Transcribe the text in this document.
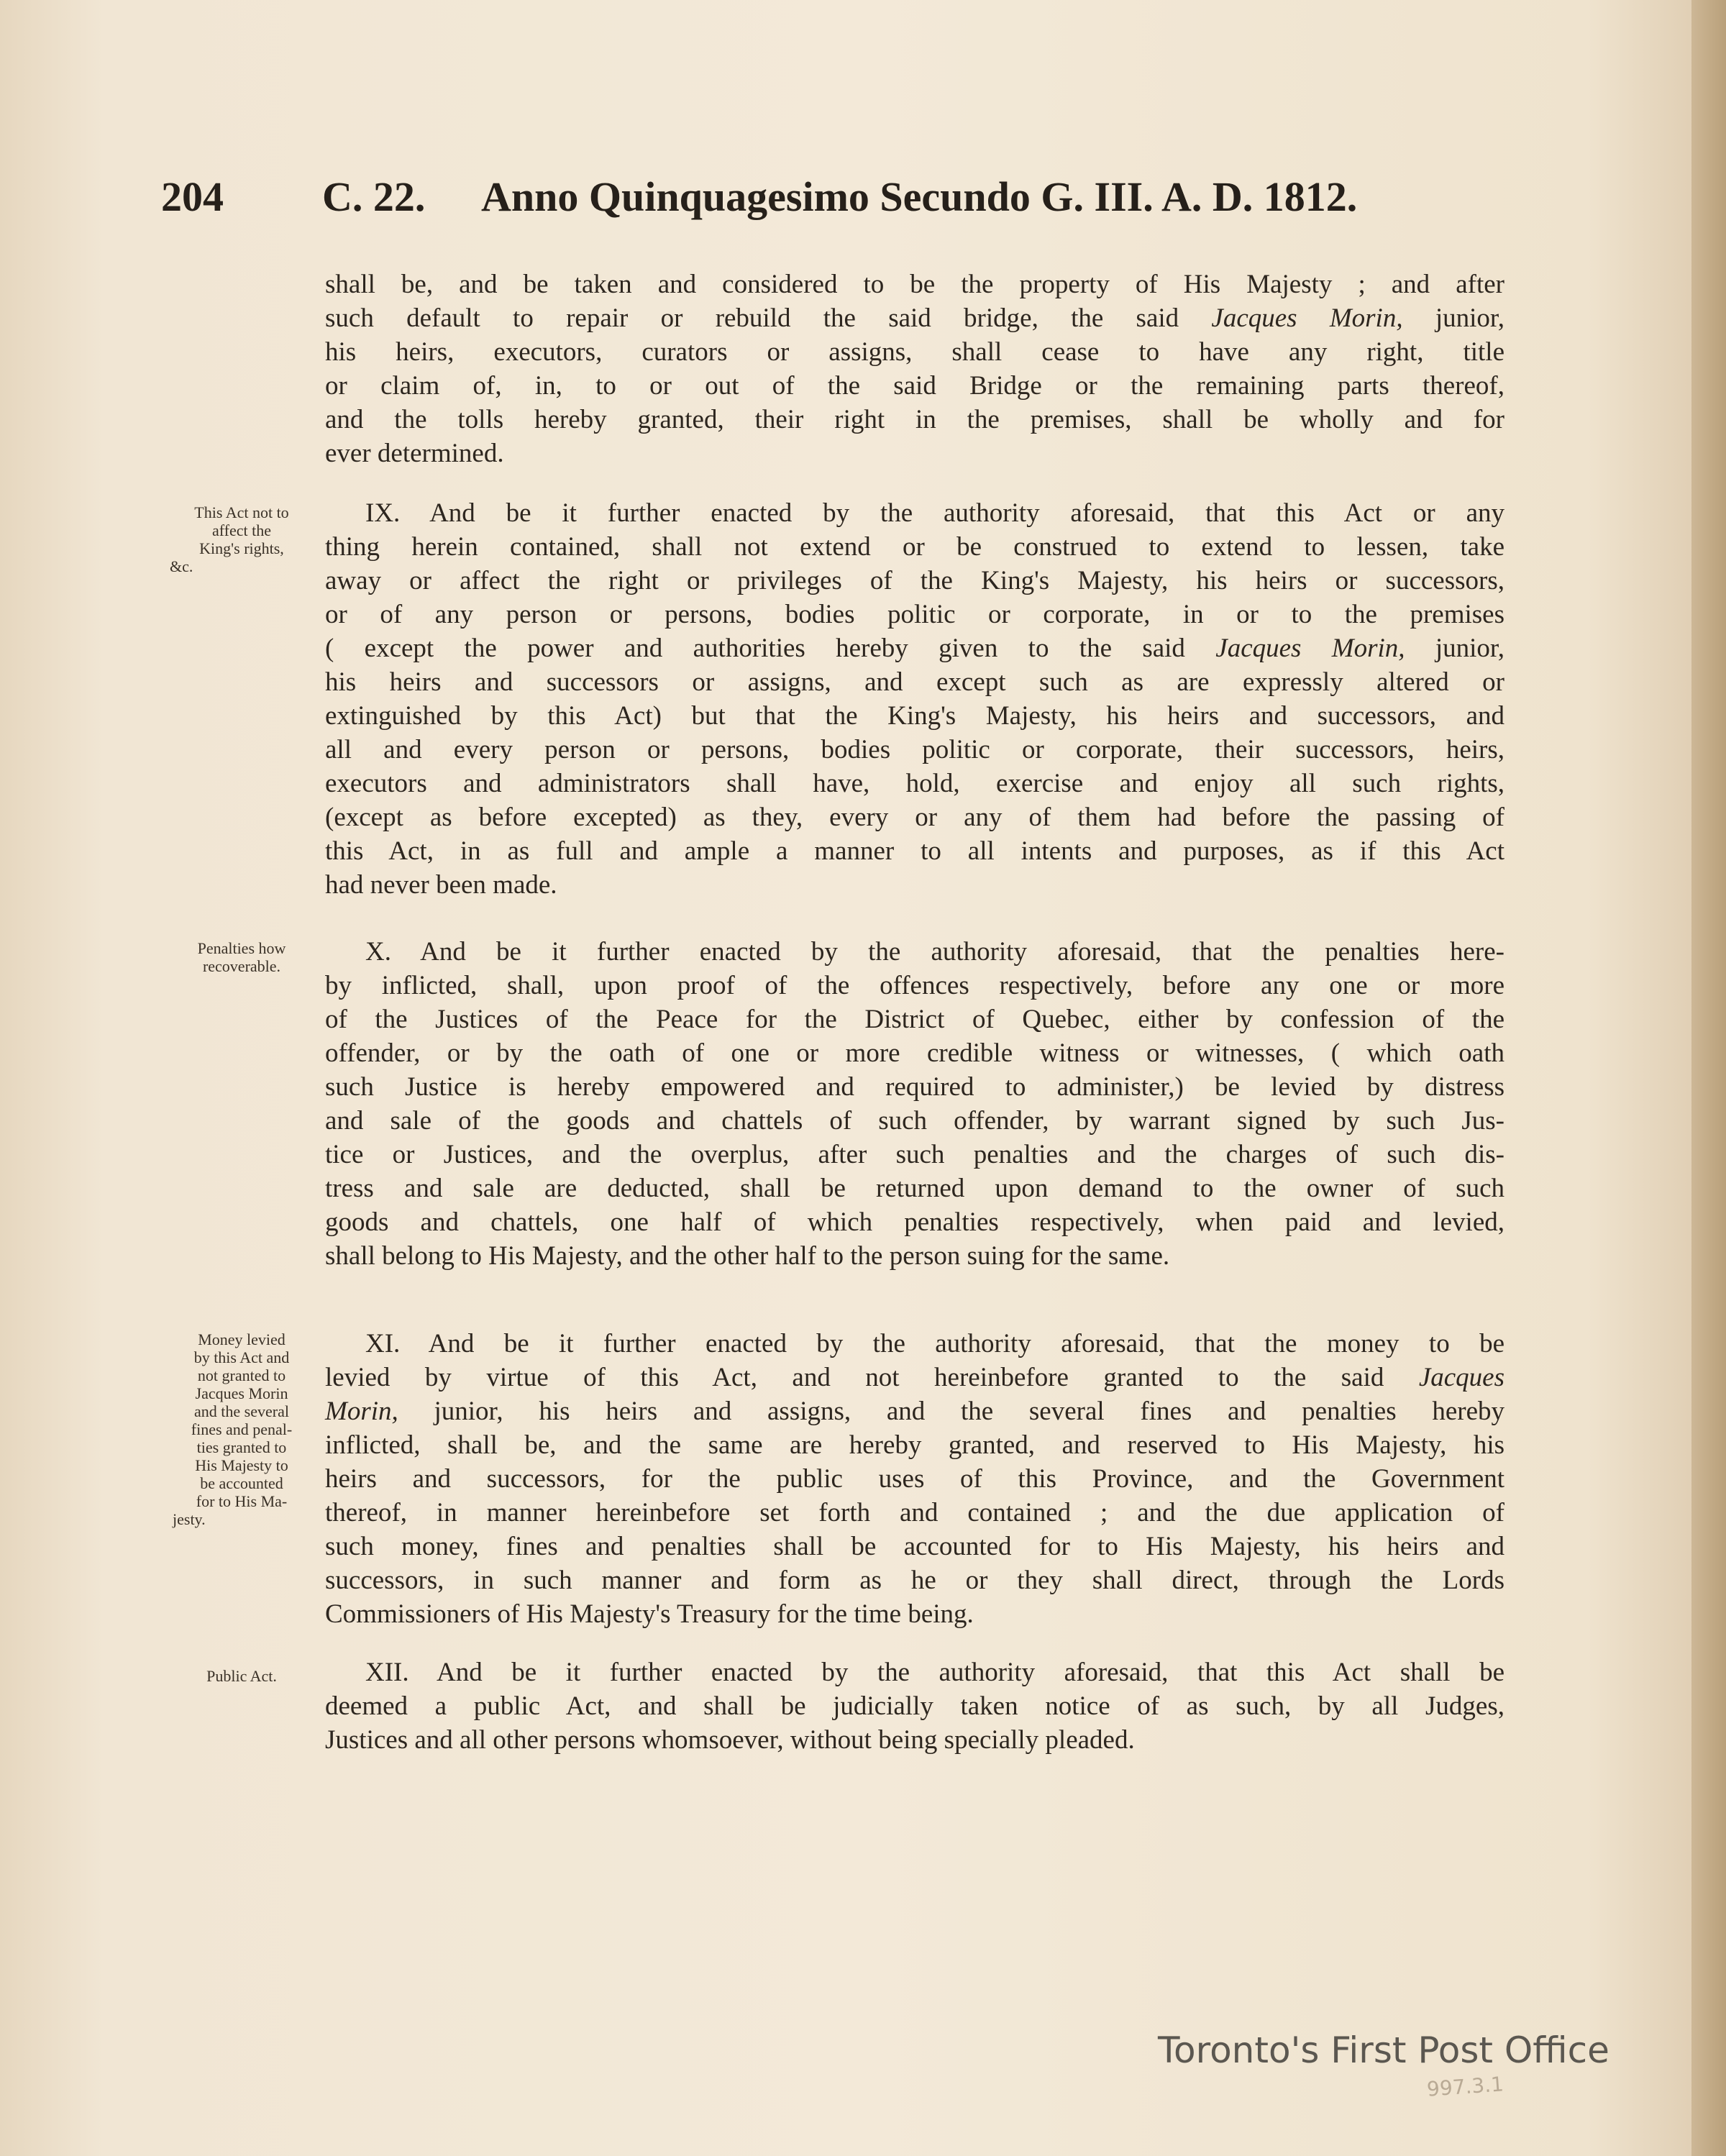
204 C. 22. Anno Quinquagesimo Secundo G. III. A. D. 1812.
shall be, and be taken and considered to be the property of His Majesty ; and after
such default to repair or rebuild the said bridge, the said Jacques Morin, junior,
his heirs, executors, curators or assigns, shall cease to have any right, title
or claim of, in, to or out of the said Bridge or the remaining parts thereof,
and the tolls hereby granted, their right in the premises, shall be wholly and for
ever determined.
This Act not to
affect the
King's rights,
&c.
IX. And be it further enacted by the authority aforesaid, that this Act or any
thing herein contained, shall not extend or be construed to extend to lessen, take
away or affect the right or privileges of the King's Majesty, his heirs or successors,
or of any person or persons, bodies politic or corporate, in or to the premises
( except the power and authorities hereby given to the said Jacques Morin, junior,
his heirs and successors or assigns, and except such as are expressly altered or
extinguished by this Act) but that the King's Majesty, his heirs and successors, and
all and every person or persons, bodies politic or corporate, their successors, heirs,
executors and administrators shall have, hold, exercise and enjoy all such rights,
(except as before excepted) as they, every or any of them had before the passing of
this Act, in as full and ample a manner to all intents and purposes, as if this Act
had never been made.
Penalties how
recoverable.	X. And be it further enacted by the authority aforesaid, that the penalties here-
by inflicted, shall, upon proof of the offences respectively, before any one or more
of the Justices of the Peace for the District of Quebec, either by confession of the
offender, or by the oath of one or more credible witness or witnesses, ( which oath
such Justice is hereby empowered and required to administer,) be levied by distress
and sale of the goods and chattels of such offender, by warrant signed by such Jus-
tice or Justices, and the overplus, after such penalties and the charges of such dis-
tress and sale are deducted, shall be returned upon demand to the owner of such
goods and chattels, one half of which penalties respectively, when paid and levied,
shall belong to His Majesty, and the other half to the person suing for the same.
Money levied
by this Act and
not granted to
Jacques Morin
and the several
fines and penal-
ties granted to
His Majesty to
be accounted
for to His Ma-
jesty.
XI. And be it further enacted by the authority aforesaid, that the money to be
levied by virtue of this Act, and not hereinbefore granted to the said Jacques
Morin, junior, his heirs and assigns, and the several fines and penalties hereby
inflicted, shall be, and the same are hereby granted, and reserved to His Majesty, his
heirs and successors, for the public uses of this Province, and the Government
thereof, in manner hereinbefore set forth and contained ; and the due application of
such money, fines and penalties shall be accounted for to His Majesty, his heirs and
successors, in such manner and form as he or they shall direct, through the Lords
Commissioners of His Majesty's Treasury for the time being.
Public Act.	XII. And be it further enacted by the authority aforesaid, that this Act shall be
deemed a public Act, and shall be judicially taken notice of as such, by all Judges,
Justices and all other persons whomsoever, without being specially pleaded.
Toronto's First Post Office
997.3.1
